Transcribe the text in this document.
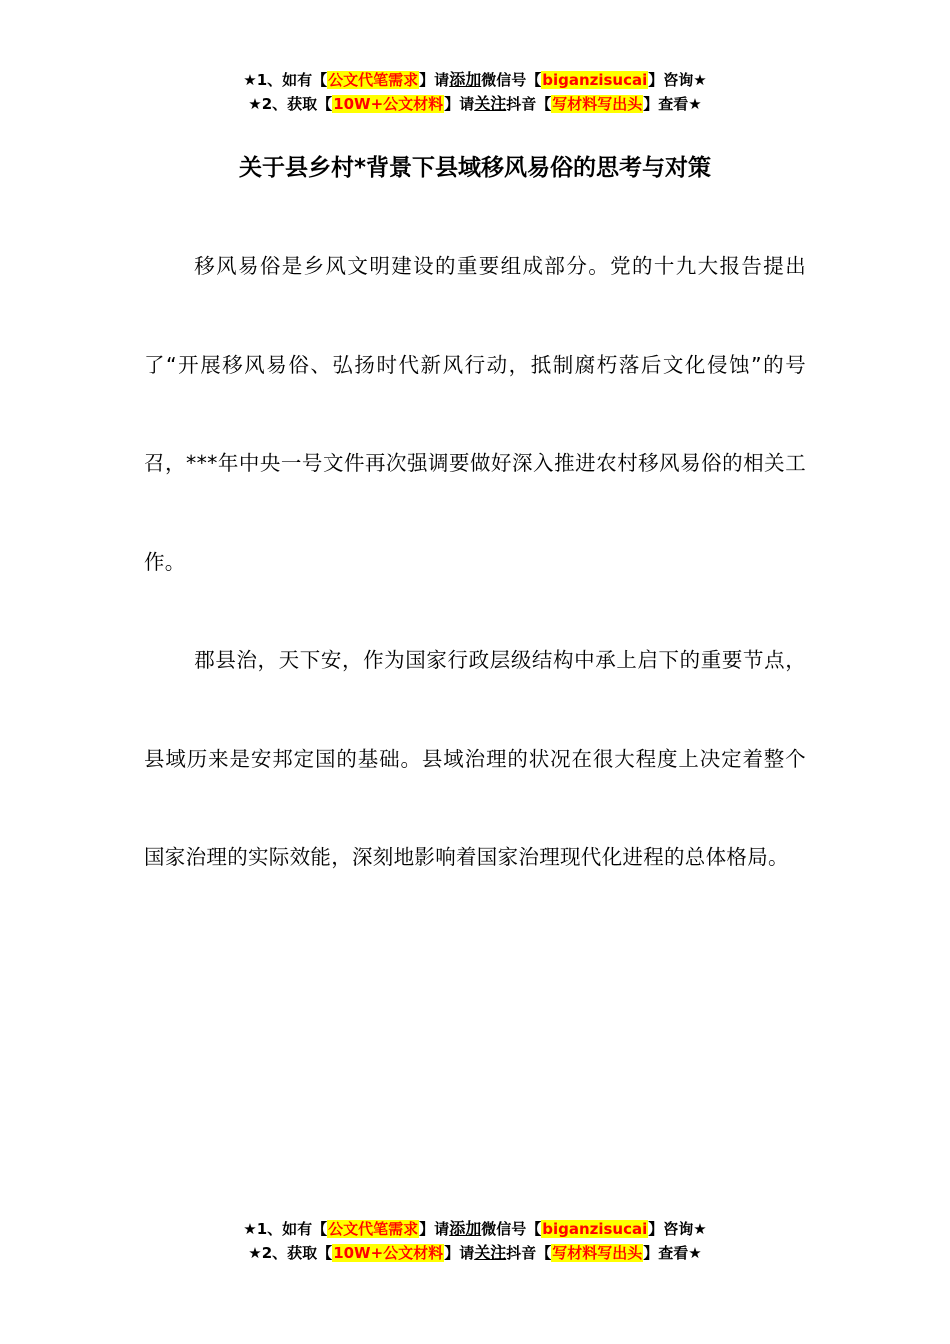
★1、如有【公文代笔需求】请添加微信号【biganzisucai】咨询★
★2、获取【10W+公文材料】请关注抖音【写材料写出头】查看★
关于县乡村*背景下县域移风易俗的思考与对策

移风易俗是乡风文明建设的重要组成部分。党的十九大报告提出了“开展移风易俗、弘扬时代新风行动，抵制腐朽落后文化侵蚀”的号召，***年中央一号文件再次强调要做好深入推进农村移风易俗的相关工作。

郡县治，天下安，作为国家行政层级结构中承上启下的重要节点，县域历来是安邦定国的基础。县域治理的状况在很大程度上决定着整个国家治理的实际效能，深刻地影响着国家治理现代化进程的总体格局。

★1、如有【公文代笔需求】请添加微信号【biganzisucai】咨询★
★2、获取【10W+公文材料】请关注抖音【写材料写出头】查看★
